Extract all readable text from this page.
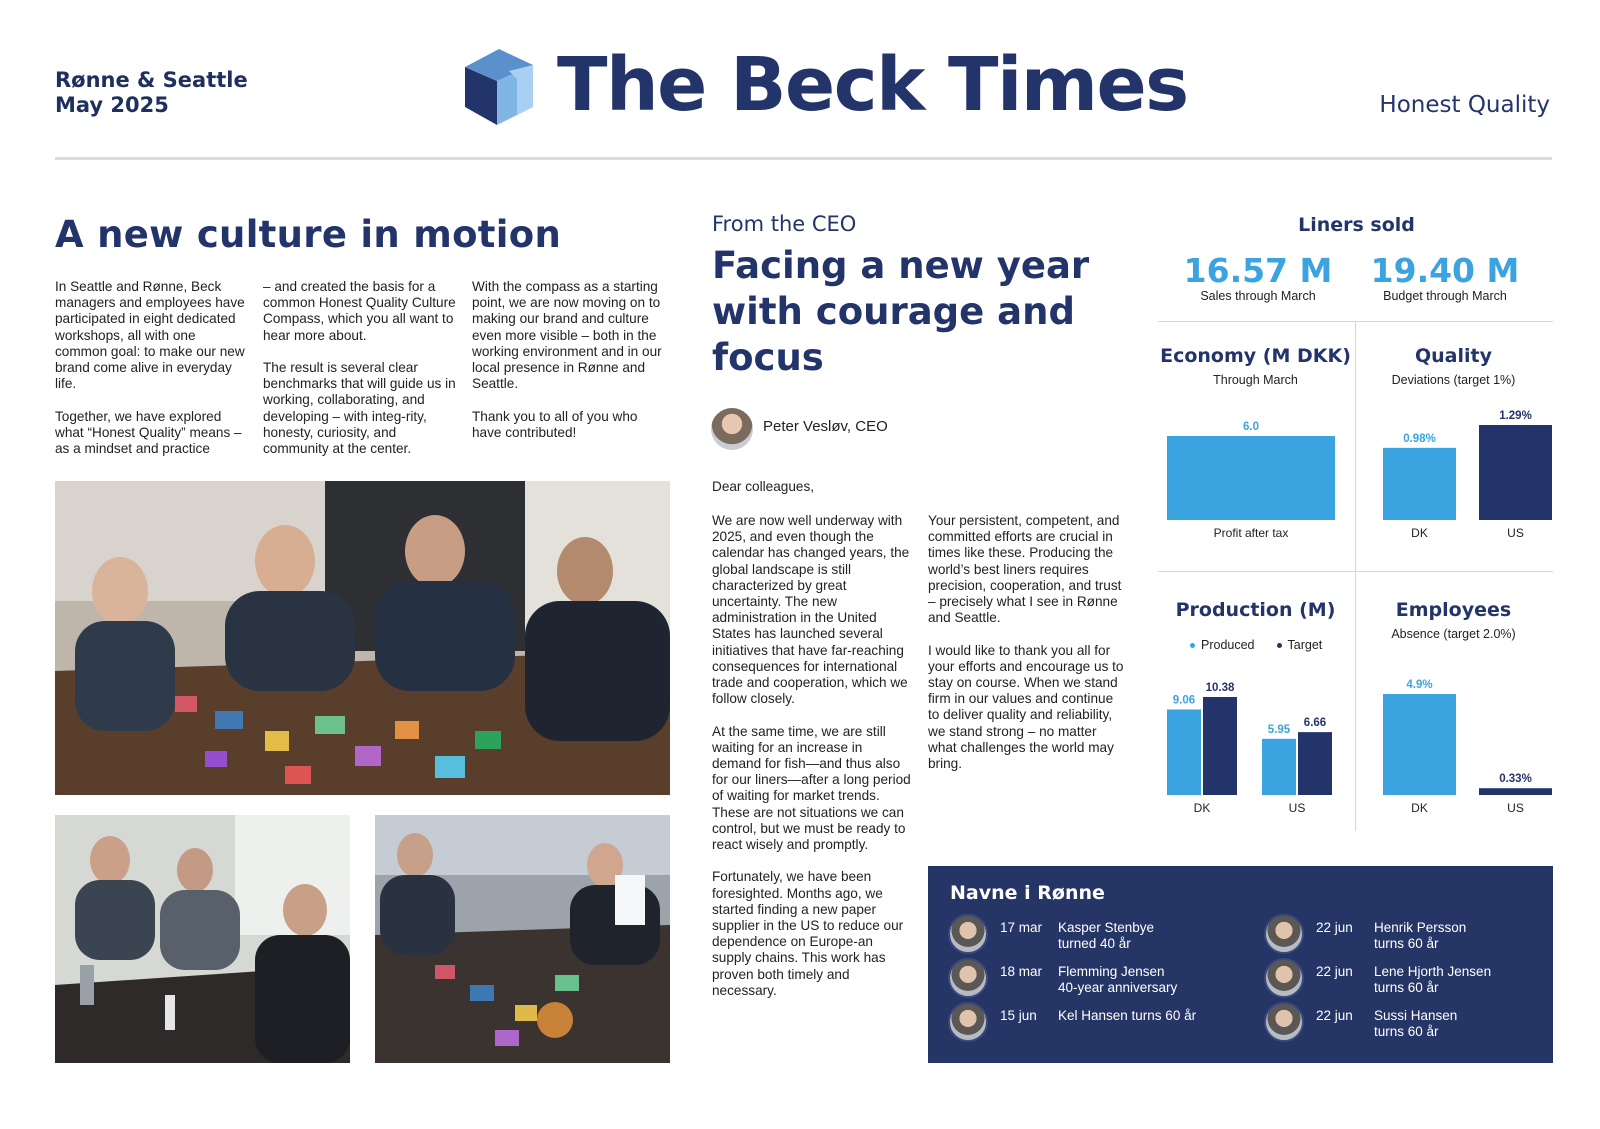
Rønne & Seattle
May 2025	The Beck Times	Honest Quality
A new culture in motion
In Seattle and Rønne, Beck managers and employees have participated in eight dedicated workshops, all with one common goal: to make our new brand come alive in everyday life.

Together, we have explored what “Honest Quality” means – as a mindset and practice
– and created the basis for a common Honest Quality Culture Compass, which you all want to hear more about.

The result is several clear benchmarks that will guide us in working, collaborating, and developing – with integ-rity, honesty, curiosity, and community at the center.
With the compass as a starting point, we are now moving on to making our brand and culture even more visible – both in the working environment and in our local presence in Rønne and Seattle.

Thank you to all of you who have contributed!
From the CEO
Facing a new year
with courage and
focus
Peter Vesløv, CEO
Dear colleagues,
We are now well underway with 2025, and even though the calendar has changed years, the global landscape is still characterized by great uncertainty. The new administration in the United States has launched several initiatives that have far-reaching consequences for international trade and cooperation, which we follow closely.

At the same time, we are still waiting for an increase in demand for fish—and thus also for our liners—after a long period of waiting for market trends. These are not situations we can control, but we must be ready to react wisely and promptly.

Fortunately, we have been foresighted. Months ago, we started finding a new paper supplier in the US to reduce our dependence on Europe-an supply chains. This work has proven both timely and necessary.
Your persistent, competent, and committed efforts are crucial in times like these. Producing the world’s best liners requires precision, cooperation, and trust – precisely what I see in Rønne and Seattle.

I would like to thank you all for your efforts and encourage us to stay on course. When we stand firm in our values and continue to deliver quality and reliability, we stand strong – no matter what challenges the world may bring.
Liners sold
16.57 M
Sales through March
19.40 M
Budget through March
Economy (M DKK)
Through March
Quality
Deviations (target 1%)
Production (M)	Employees
Absence (target 2.0%)
Produced	Target
6.0
Profit after tax
0.98%
DK
1.29%
US
9.06
10.38
DK
5.95
6.66
US
4.9%
DK
0.33%
US
Navne i Rønne
17 mar	Kasper Stenbye
turned 40 år
18 mar	Flemming Jensen
40-year anniversary
15 jun	Kel Hansen turns 60 år
22 jun	Henrik Persson
turns 60 år
22 jun	Lene Hjorth Jensen
turns 60 år
22 jun	Sussi Hansen
turns 60 år
